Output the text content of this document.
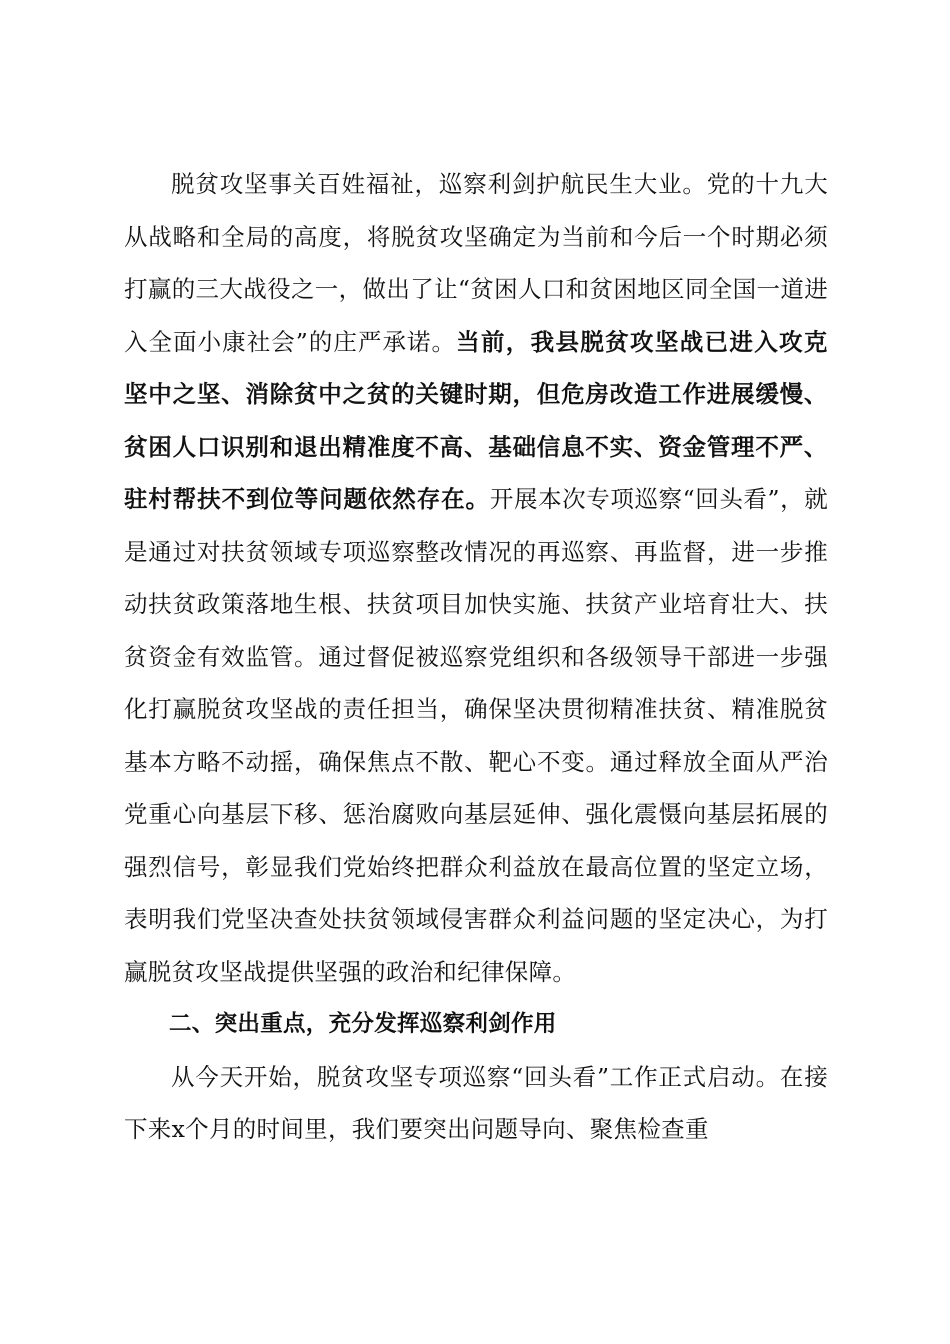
脱贫攻坚事关百姓福祉，巡察利剑护航民生大业。党的十九大从战略和全局的高度，将脱贫攻坚确定为当前和今后一个时期必须打赢的三大战役之一，做出了让“贫困人口和贫困地区同全国一道进入全面小康社会”的庄严承诺。当前，我县脱贫攻坚战已进入攻克坚中之坚、消除贫中之贫的关键时期，但危房改造工作进展缓慢、贫困人口识别和退出精准度不高、基础信息不实、资金管理不严、驻村帮扶不到位等问题依然存在。开展本次专项巡察“回头看”，就是通过对扶贫领域专项巡察整改情况的再巡察、再监督，进一步推动扶贫政策落地生根、扶贫项目加快实施、扶贫产业培育壮大、扶贫资金有效监管。通过督促被巡察党组织和各级领导干部进一步强化打赢脱贫攻坚战的责任担当，确保坚决贯彻精准扶贫、精准脱贫基本方略不动摇，确保焦点不散、靶心不变。通过释放全面从严治党重心向基层下移、惩治腐败向基层延伸、强化震慑向基层拓展的强烈信号，彰显我们党始终把群众利益放在最高位置的坚定立场，表明我们党坚决查处扶贫领域侵害群众利益问题的坚定决心，为打赢脱贫攻坚战提供坚强的政治和纪律保障。

二、突出重点，充分发挥巡察利剑作用

从今天开始，脱贫攻坚专项巡察“回头看”工作正式启动。在接下来x个月的时间里，我们要突出问题导向、聚焦检查重
